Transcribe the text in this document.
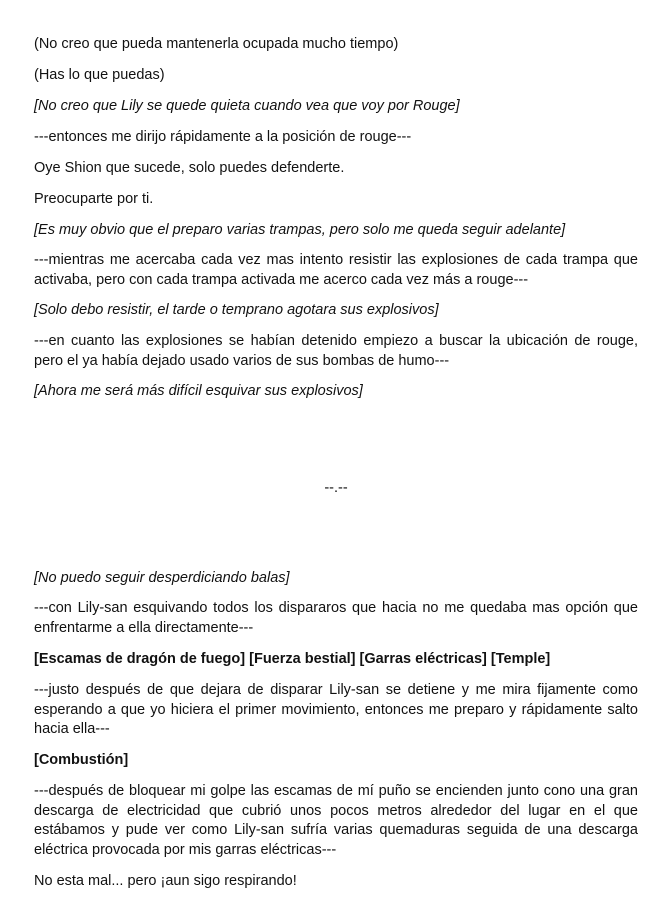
(No creo que pueda mantenerla ocupada mucho tiempo)
(Has lo que puedas)
[No creo que Lily se quede quieta cuando vea que voy por Rouge]
---entonces me dirijo rápidamente a la posición de rouge---
Oye Shion que sucede, solo puedes defenderte.
Preocuparte por ti.
[Es muy obvio que el preparo varias trampas, pero solo me queda seguir adelante]
---mientras me acercaba cada vez mas intento resistir las explosiones de cada trampa que activaba, pero con cada trampa activada me acerco cada vez más a rouge---
[Solo debo resistir, el tarde o temprano agotara sus explosivos]
---en cuanto las explosiones se habían detenido empiezo a buscar la ubicación de rouge, pero el ya había dejado usado varios de sus bombas de humo---
[Ahora me será más difícil esquivar sus explosivos]
--.--
[No puedo seguir desperdiciando balas]
---con Lily-san esquivando todos los dispararos que hacia no me quedaba mas opción que enfrentarme a ella directamente---
[Escamas de dragón de fuego] [Fuerza bestial] [Garras eléctricas] [Temple]
---justo después de que dejara de disparar Lily-san se detiene y me mira fijamente como esperando a que yo hiciera el primer movimiento, entonces me preparo y rápidamente salto hacia ella---
[Combustión]
---después de bloquear mi golpe las escamas de mí puño se encienden junto cono una gran descarga de electricidad que cubrió unos pocos metros alrededor del lugar en el que estábamos y pude ver como Lily-san sufría varias quemaduras seguida de una descarga eléctrica provocada por mis garras eléctricas---
No esta mal... pero ¡aun sigo respirando!
